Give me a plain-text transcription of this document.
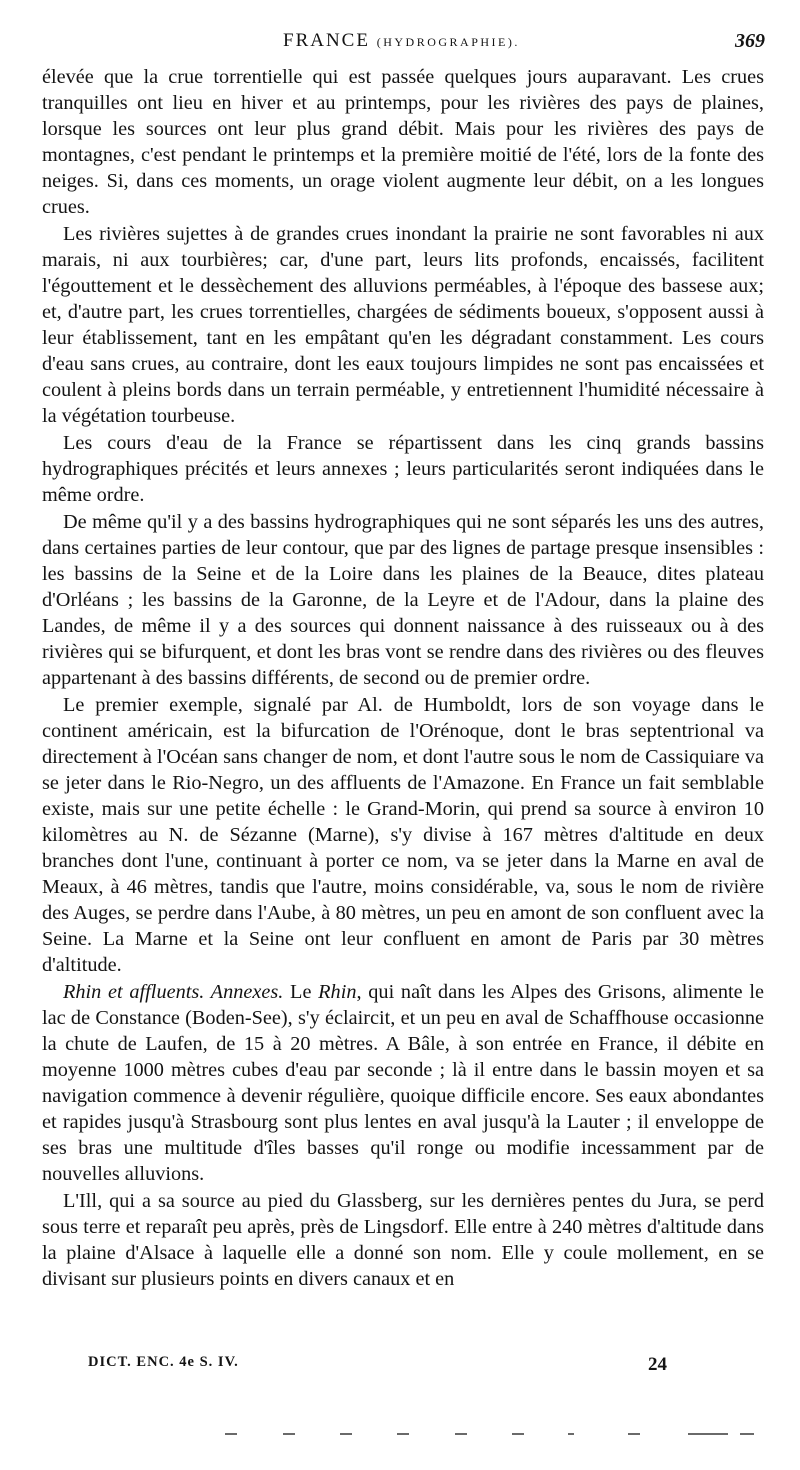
FRANCE (HYDROGRAPHIE).	369

élevée que la crue torrentielle qui est passée quelques jours auparavant. Les crues tranquilles ont lieu en hiver et au printemps, pour les rivières des pays de plaines, lorsque les sources ont leur plus grand débit. Mais pour les rivières des pays de montagnes, c'est pendant le printemps et la première moitié de l'été, lors de la fonte des neiges. Si, dans ces moments, un orage violent augmente leur débit, on a les longues crues.

Les rivières sujettes à de grandes crues inondant la prairie ne sont favorables ni aux marais, ni aux tourbières; car, d'une part, leurs lits profonds, encaissés, facilitent l'égouttement et le dessèchement des alluvions perméables, à l'époque des bassese aux; et, d'autre part, les crues torrentielles, chargées de sédiments boueux, s'opposent aussi à leur établissement, tant en les empâtant qu'en les dégradant constamment. Les cours d'eau sans crues, au contraire, dont les eaux toujours limpides ne sont pas encaissées et coulent à pleins bords dans un terrain perméable, y entretiennent l'humidité nécessaire à la végétation tourbeuse.

Les cours d'eau de la France se répartissent dans les cinq grands bassins hydrographiques précités et leurs annexes ; leurs particularités seront indiquées dans le même ordre.

De même qu'il y a des bassins hydrographiques qui ne sont séparés les uns des autres, dans certaines parties de leur contour, que par des lignes de partage presque insensibles : les bassins de la Seine et de la Loire dans les plaines de la Beauce, dites plateau d'Orléans ; les bassins de la Garonne, de la Leyre et de l'Adour, dans la plaine des Landes, de même il y a des sources qui donnent naissance à des ruisseaux ou à des rivières qui se bifurquent, et dont les bras vont se rendre dans des rivières ou des fleuves appartenant à des bassins différents, de second ou de premier ordre.

Le premier exemple, signalé par Al. de Humboldt, lors de son voyage dans le continent américain, est la bifurcation de l'Orénoque, dont le bras septentrional va directement à l'Océan sans changer de nom, et dont l'autre sous le nom de Cassiquiare va se jeter dans le Rio-Negro, un des affluents de l'Amazone. En France un fait semblable existe, mais sur une petite échelle : le Grand-Morin, qui prend sa source à environ 10 kilomètres au N. de Sézanne (Marne), s'y divise à 167 mètres d'altitude en deux branches dont l'une, continuant à porter ce nom, va se jeter dans la Marne en aval de Meaux, à 46 mètres, tandis que l'autre, moins considérable, va, sous le nom de rivière des Auges, se perdre dans l'Aube, à 80 mètres, un peu en amont de son confluent avec la Seine. La Marne et la Seine ont leur confluent en amont de Paris par 30 mètres d'altitude.

Rhin et affluents. Annexes. Le Rhin, qui naît dans les Alpes des Grisons, alimente le lac de Constance (Boden-See), s'y éclaircit, et un peu en aval de Schaffhouse occasionne la chute de Laufen, de 15 à 20 mètres. A Bâle, à son entrée en France, il débite en moyenne 1000 mètres cubes d'eau par seconde ; là il entre dans le bassin moyen et sa navigation commence à devenir régulière, quoique difficile encore. Ses eaux abondantes et rapides jusqu'à Strasbourg sont plus lentes en aval jusqu'à la Lauter ; il enveloppe de ses bras une multitude d'îles basses qu'il ronge ou modifie incessamment par de nouvelles alluvions.

L'Ill, qui a sa source au pied du Glassberg, sur les dernières pentes du Jura, se perd sous terre et reparaît peu après, près de Lingsdorf. Elle entre à 240 mètres d'altitude dans la plaine d'Alsace à laquelle elle a donné son nom. Elle y coule mollement, en se divisant sur plusieurs points en divers canaux et en

DICT. ENC. 4e S. IV.	24
